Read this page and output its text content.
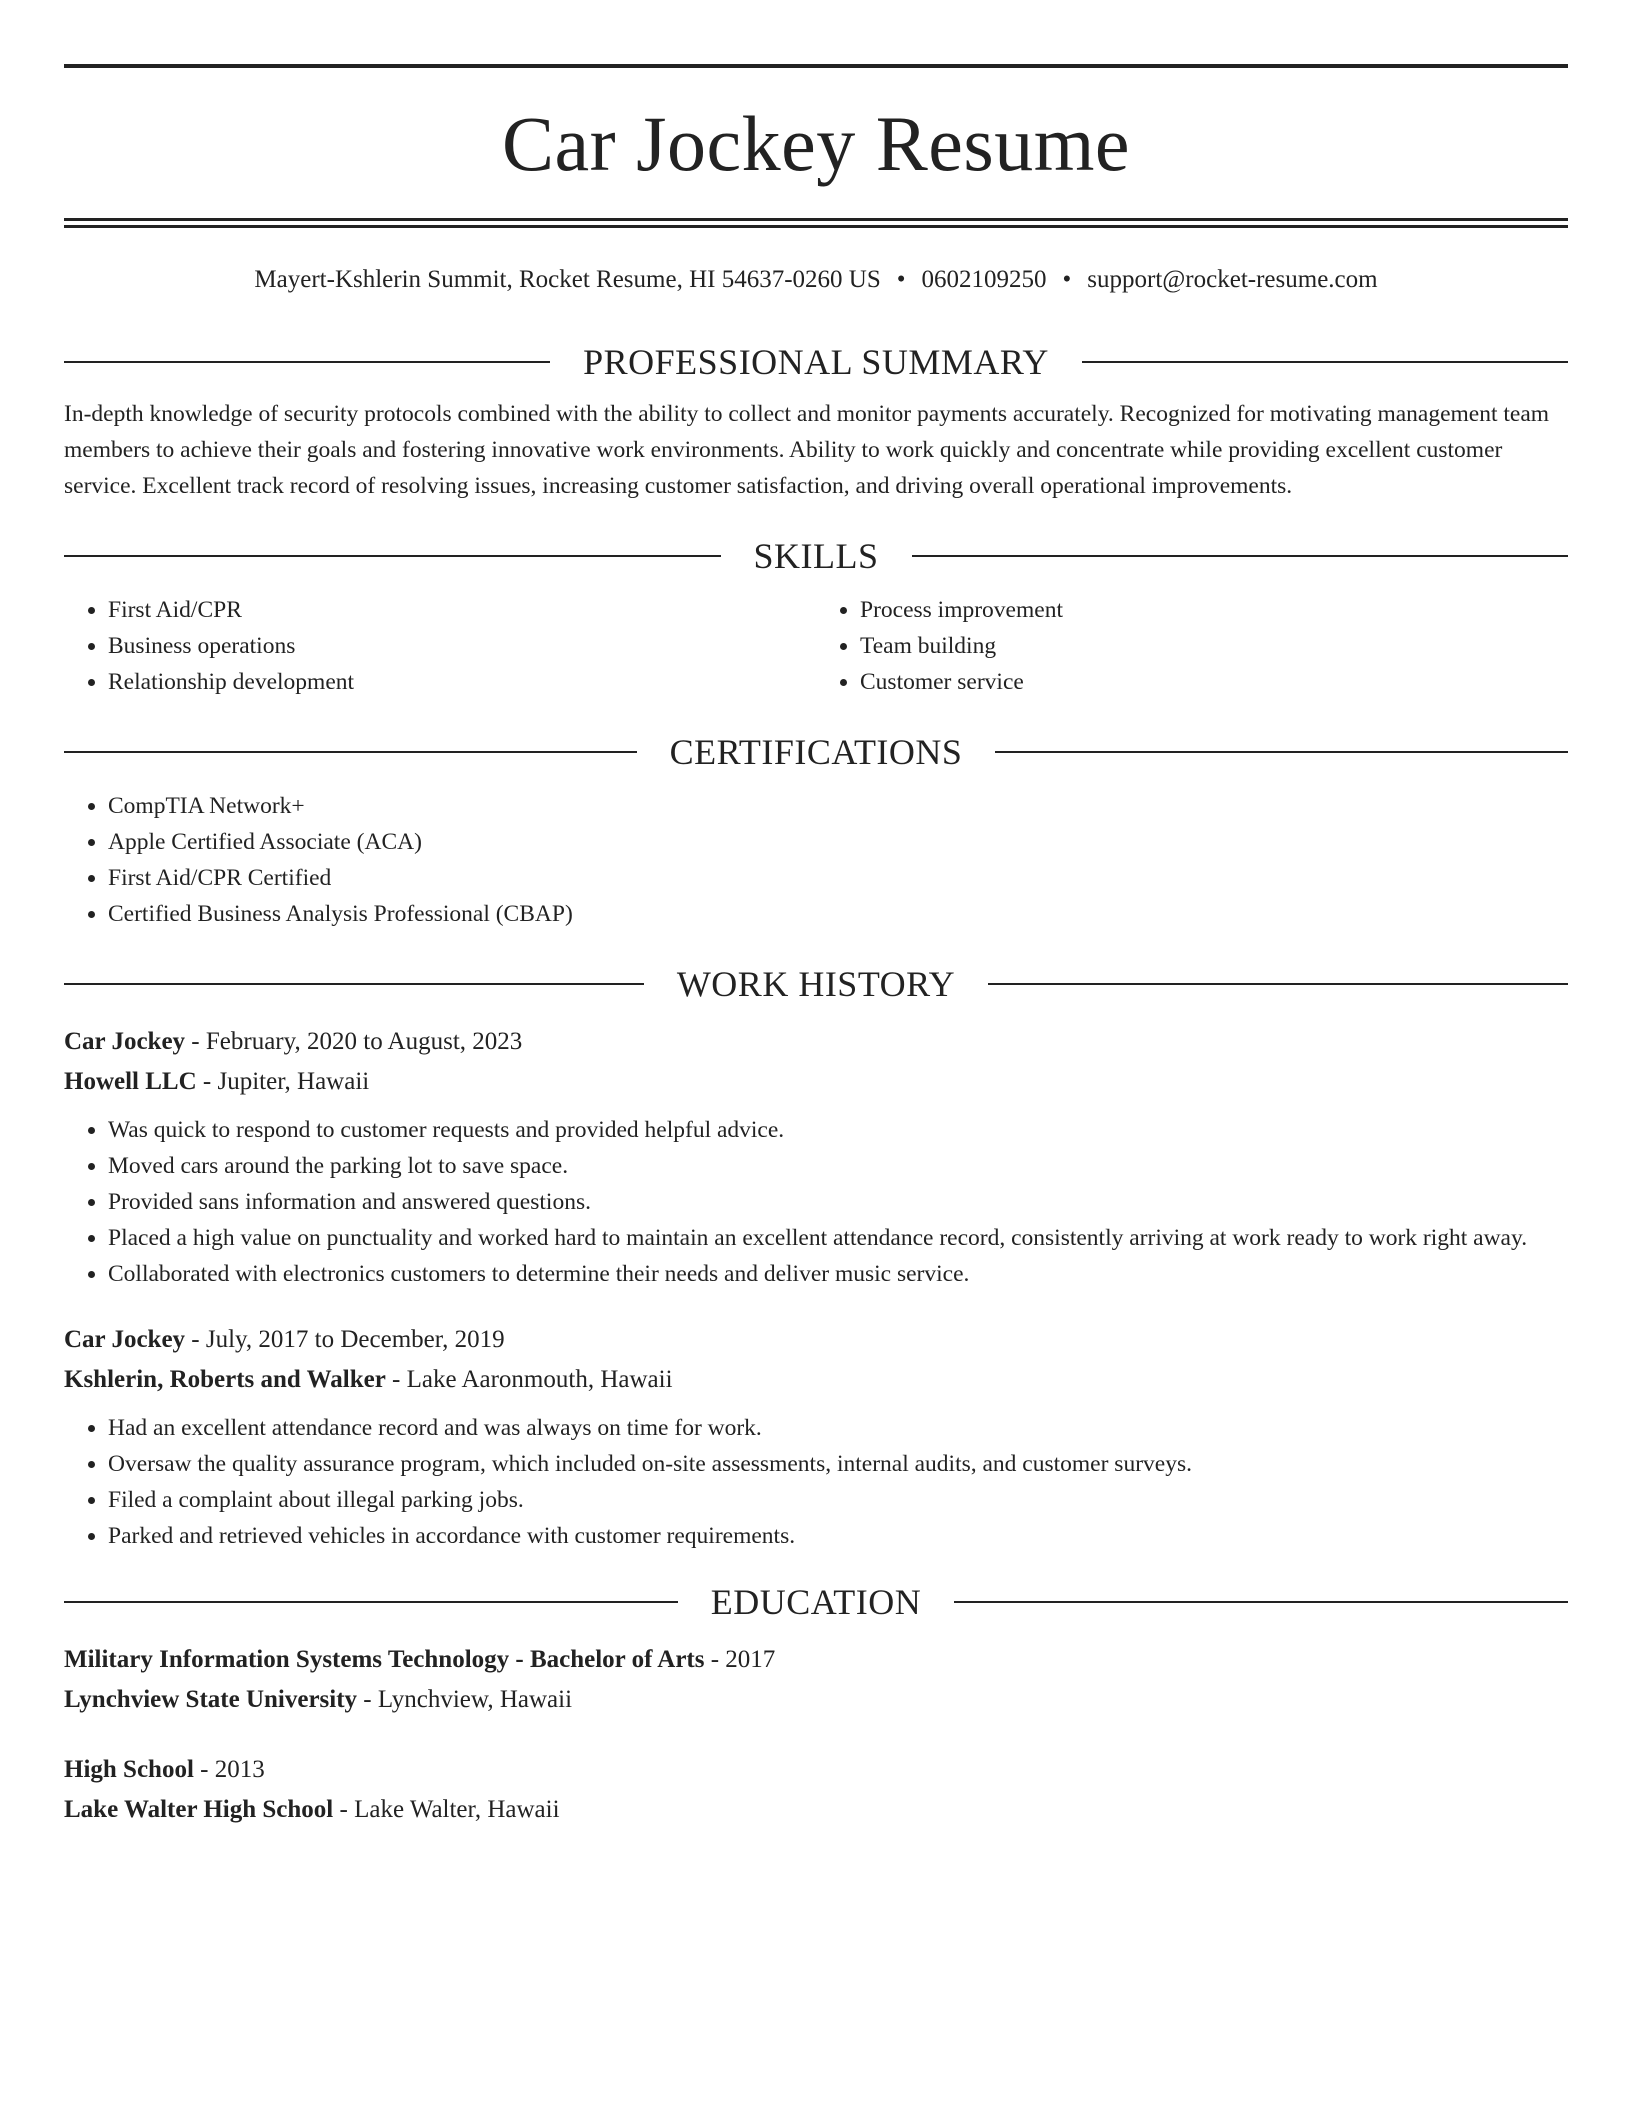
Car Jockey Resume
Mayert-Kshlerin Summit, Rocket Resume, HI 54637-0260 US • 0602109250 • support@rocket-resume.com
PROFESSIONAL SUMMARY
In-depth knowledge of security protocols combined with the ability to collect and monitor payments accurately. Recognized for motivating management team members to achieve their goals and fostering innovative work environments. Ability to work quickly and concentrate while providing excellent customer service. Excellent track record of resolving issues, increasing customer satisfaction, and driving overall operational improvements.
SKILLS
• First Aid/CPR
• Business operations
• Relationship development
• Process improvement
• Team building
• Customer service
CERTIFICATIONS
• CompTIA Network+
• Apple Certified Associate (ACA)
• First Aid/CPR Certified
• Certified Business Analysis Professional (CBAP)
WORK HISTORY
Car Jockey - February, 2020 to August, 2023
Howell LLC - Jupiter, Hawaii
• Was quick to respond to customer requests and provided helpful advice.
• Moved cars around the parking lot to save space.
• Provided sans information and answered questions.
• Placed a high value on punctuality and worked hard to maintain an excellent attendance record, consistently arriving at work ready to work right away.
• Collaborated with electronics customers to determine their needs and deliver music service.
Car Jockey - July, 2017 to December, 2019
Kshlerin, Roberts and Walker - Lake Aaronmouth, Hawaii
• Had an excellent attendance record and was always on time for work.
• Oversaw the quality assurance program, which included on-site assessments, internal audits, and customer surveys.
• Filed a complaint about illegal parking jobs.
• Parked and retrieved vehicles in accordance with customer requirements.
EDUCATION
Military Information Systems Technology - Bachelor of Arts - 2017
Lynchview State University - Lynchview, Hawaii
High School - 2013
Lake Walter High School - Lake Walter, Hawaii
